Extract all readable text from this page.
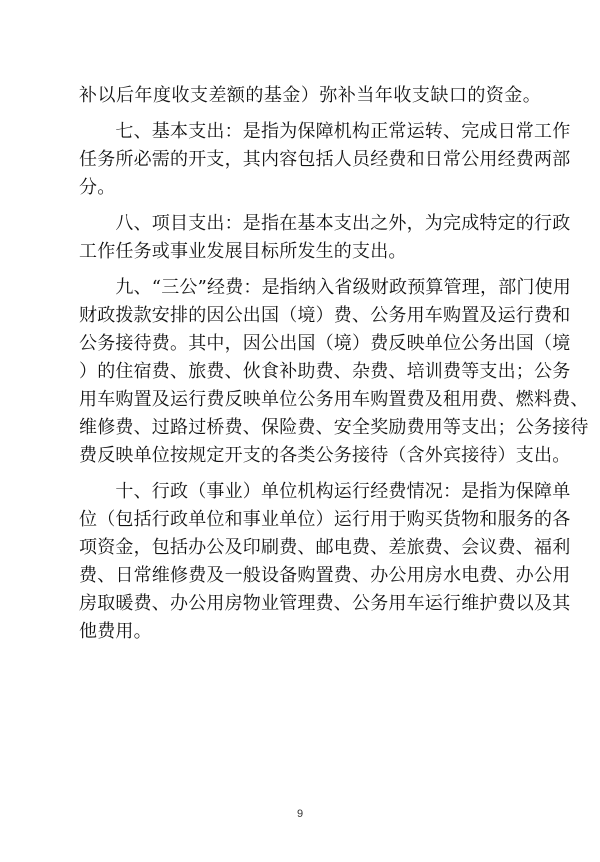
补以后年度收支差额的基金）弥补当年收支缺口的资金。
　　七、基本支出：是指为保障机构正常运转、完成日常工作
任务所必需的开支，其内容包括人员经费和日常公用经费两部
分。
　　八、项目支出：是指在基本支出之外，为完成特定的行政
工作任务或事业发展目标所发生的支出。
　　九、“三公”经费：是指纳入省级财政预算管理，部门使用
财政拨款安排的因公出国（境）费、公务用车购置及运行费和
公务接待费。其中，因公出国（境）费反映单位公务出国（境
）的住宿费、旅费、伙食补助费、杂费、培训费等支出；公务
用车购置及运行费反映单位公务用车购置费及租用费、燃料费、
维修费、过路过桥费、保险费、安全奖励费用等支出；公务接待
费反映单位按规定开支的各类公务接待（含外宾接待）支出。
　　十、行政（事业）单位机构运行经费情况：是指为保障单
位（包括行政单位和事业单位）运行用于购买货物和服务的各
项资金，包括办公及印刷费、邮电费、差旅费、会议费、福利
费、日常维修费及一般设备购置费、办公用房水电费、办公用
房取暖费、办公用房物业管理费、公务用车运行维护费以及其
他费用。
9
